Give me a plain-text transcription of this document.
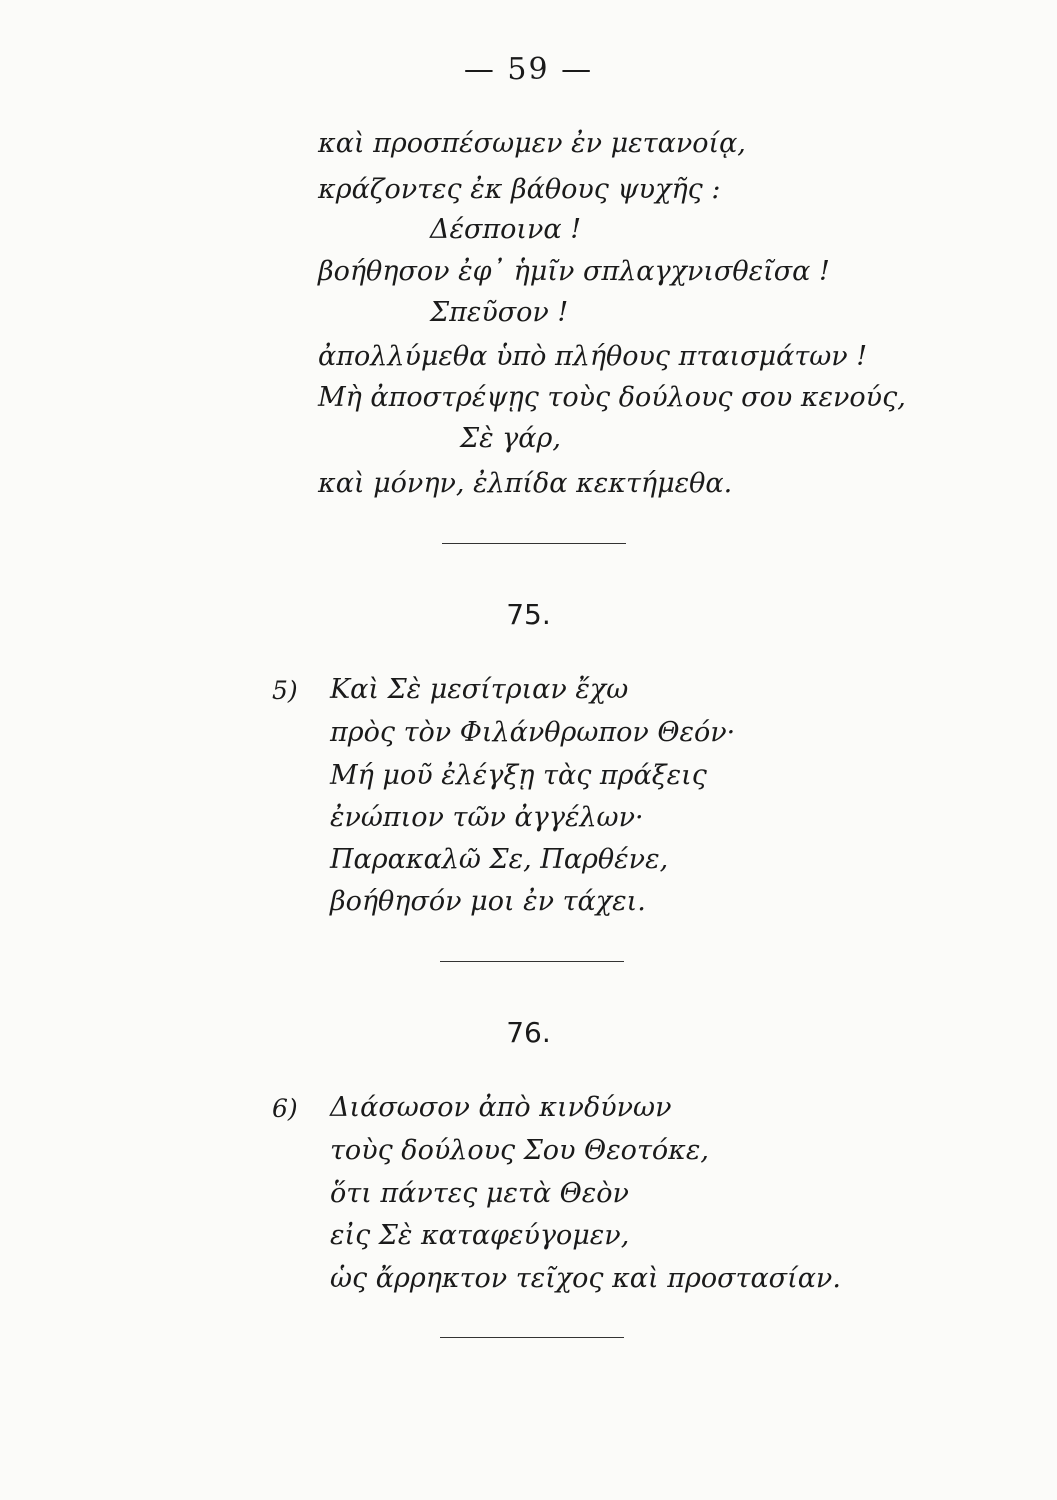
— 59 —
καὶ προσπέσωμεν ἐν μετανοίᾳ,
κράζοντες ἐκ βάθους ψυχῆς :
Δέσποινα !
βοήθησον ἐφ᾽ ἡμῖν σπλαγχνισθεῖσα !
Σπεῦσον !
ἀπολλύμεθα ὑπὸ πλήθους πταισμάτων !
Μὴ ἀποστρέψῃς τοὺς δούλους σου κενούς,
Σὲ γάρ,
καὶ μόνην, ἐλπίδα κεκτήμεθα.
75.
5) Καὶ Σὲ μεσίτριαν ἔχω
πρὸς τὸν Φιλάνθρωπον Θεόν·
Μή μοῦ ἐλέγξῃ τὰς πράξεις
ἐνώπιον τῶν ἀγγέλων·
Παρακαλῶ Σε, Παρθένε,
βοήθησόν μοι ἐν τάχει.
76.
6) Διάσωσον ἀπὸ κινδύνων
τοὺς δούλους Σου Θεοτόκε,
ὅτι πάντες μετὰ Θεὸν
εἰς Σὲ καταφεύγομεν,
ὡς ἄρρηκτον τεῖχος καὶ προστασίαν.
